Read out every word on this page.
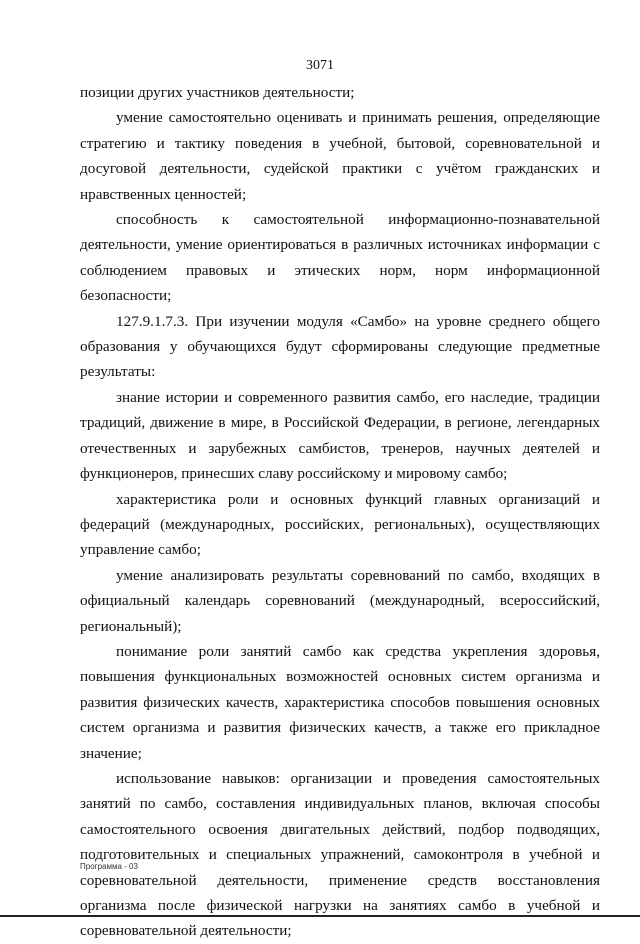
3071

позиции других участников деятельности;

умение самостоятельно оценивать и принимать решения, определяющие стратегию и тактику поведения в учебной, бытовой, соревновательной и досуговой деятельности, судейской практики с учётом гражданских и нравственных ценностей;

способность к самостоятельной информационно-познавательной деятельности, умение ориентироваться в различных источниках информации с соблюдением правовых и этических норм, норм информационной безопасности;

127.9.1.7.3. При изучении модуля «Самбо» на уровне среднего общего образования у обучающихся будут сформированы следующие предметные результаты:

знание истории и современного развития самбо, его наследие, традиции традиций, движение в мире, в Российской Федерации, в регионе, легендарных отечественных и зарубежных самбистов, тренеров, научных деятелей и функционеров, принесших славу российскому и мировому самбо;

характеристика роли и основных функций главных организаций и федераций (международных, российских, региональных), осуществляющих управление самбо;

умение анализировать результаты соревнований по самбо, входящих в официальный календарь соревнований (международный, всероссийский, региональный);

понимание роли занятий самбо как средства укрепления здоровья, повышения функциональных возможностей основных систем организма и развития физических качеств, характеристика способов повышения основных систем организма и развития физических качеств, а также его прикладное значение;

использование навыков: организации и проведения самостоятельных занятий по самбо, составления индивидуальных планов, включая способы самостоятельного освоения двигательных действий, подбор подводящих, подготовительных и специальных упражнений, самоконтроля в учебной и соревновательной деятельности, применение средств восстановления организма после физической нагрузки на занятиях самбо в учебной и соревновательной деятельности;

Программа - 03
